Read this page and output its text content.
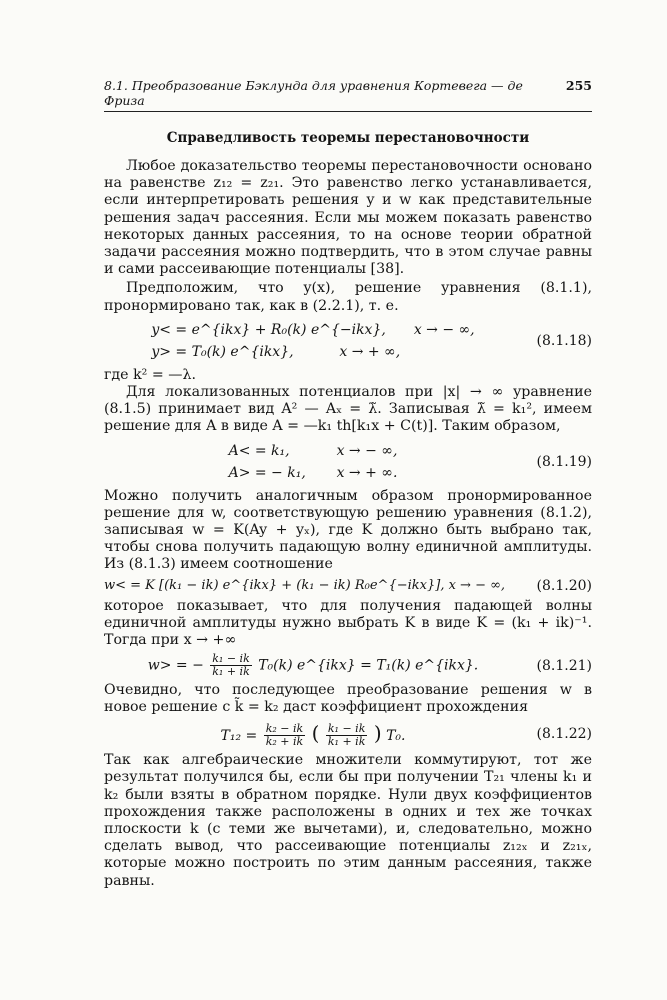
8.1. Преобразование Бэклунда для уравнения Кортевега — де Фриза
255
Справедливость теоремы перестановочности

Любое доказательство теоремы перестановочности основано на равенстве z₁₂ = z₂₁. Это равенство легко устанавливается, если интерпретировать решения y и w как представительные решения задач рассеяния. Если мы можем показать равенство некоторых данных рассеяния, то на основе теории обратной задачи рассеяния можно подтвердить, что в этом случае равны и сами рассеивающие потенциалы [38].

Предположим, что y(x), решение уравнения (8.1.1), пронормировано так, как в (2.2.1), т. е.

y< = e^{ikx} + R₀(k) e^{−ikx}, x → − ∞,
y> = T₀(k) e^{ikx},	x → + ∞,
(8.1.18)

где k² = —λ.

Для локализованных потенциалов при |x| → ∞ уравнение (8.1.5) принимает вид A² — Aₓ = λ̃. Записывая λ̃ = k₁², имеем решение для A в виде A = —k₁ th[k₁x + C(t)]. Таким образом,

A< = k₁,	x → − ∞,
A> = − k₁, x → + ∞.
(8.1.19)

Можно получить аналогичным образом пронормированное решение для w, соответствующую решению уравнения (8.1.2), записывая w = K(Ay + yₓ), где K должно быть выбрано так, чтобы снова получить падающую волну единичной амплитуды. Из (8.1.3) имеем соотношение

w< = K [(k₁ − ik) e^{ikx} + (k₁ − ik) R₀e^{−ikx}], x → − ∞,	(8.1.20)

которое показывает, что для получения падающей волны единичной амплитуды нужно выбрать K в виде K = (k₁ + ik)⁻¹. Тогда при x → +∞

w> = − $\frac{\text{k₁ − ik}}{\text{k₁ + ik}} T_0(k)$ e^{ikx} = T₁(k) e^{ikx}.	(8.1.21)

Очевидно, что последующее преобразование решения w в новое решение с k̃ = k₂ даст коэффициент прохождения

$T_{12} = \frac{\text{k₂ − ik}}{\text{k₂ + ik}}$ ( $\frac{\text{k₁ − ik}}{\text{k₁ + ik}}$ ) T₀.	(8.1.22)

Так как алгебраические множители коммутируют, тот же результат получился бы, если бы при получении T₂₁ члены k₁ и k₂ были взяты в обратном порядке. Нули двух коэффициентов прохождения также расположены в одних и тех же точках плоскости k (с теми же вычетами), и, следовательно, можно сделать вывод, что рассеивающие потенциалы z₁₂ₓ и z₂₁ₓ, которые можно построить по этим данным рассеяния, также равны.
